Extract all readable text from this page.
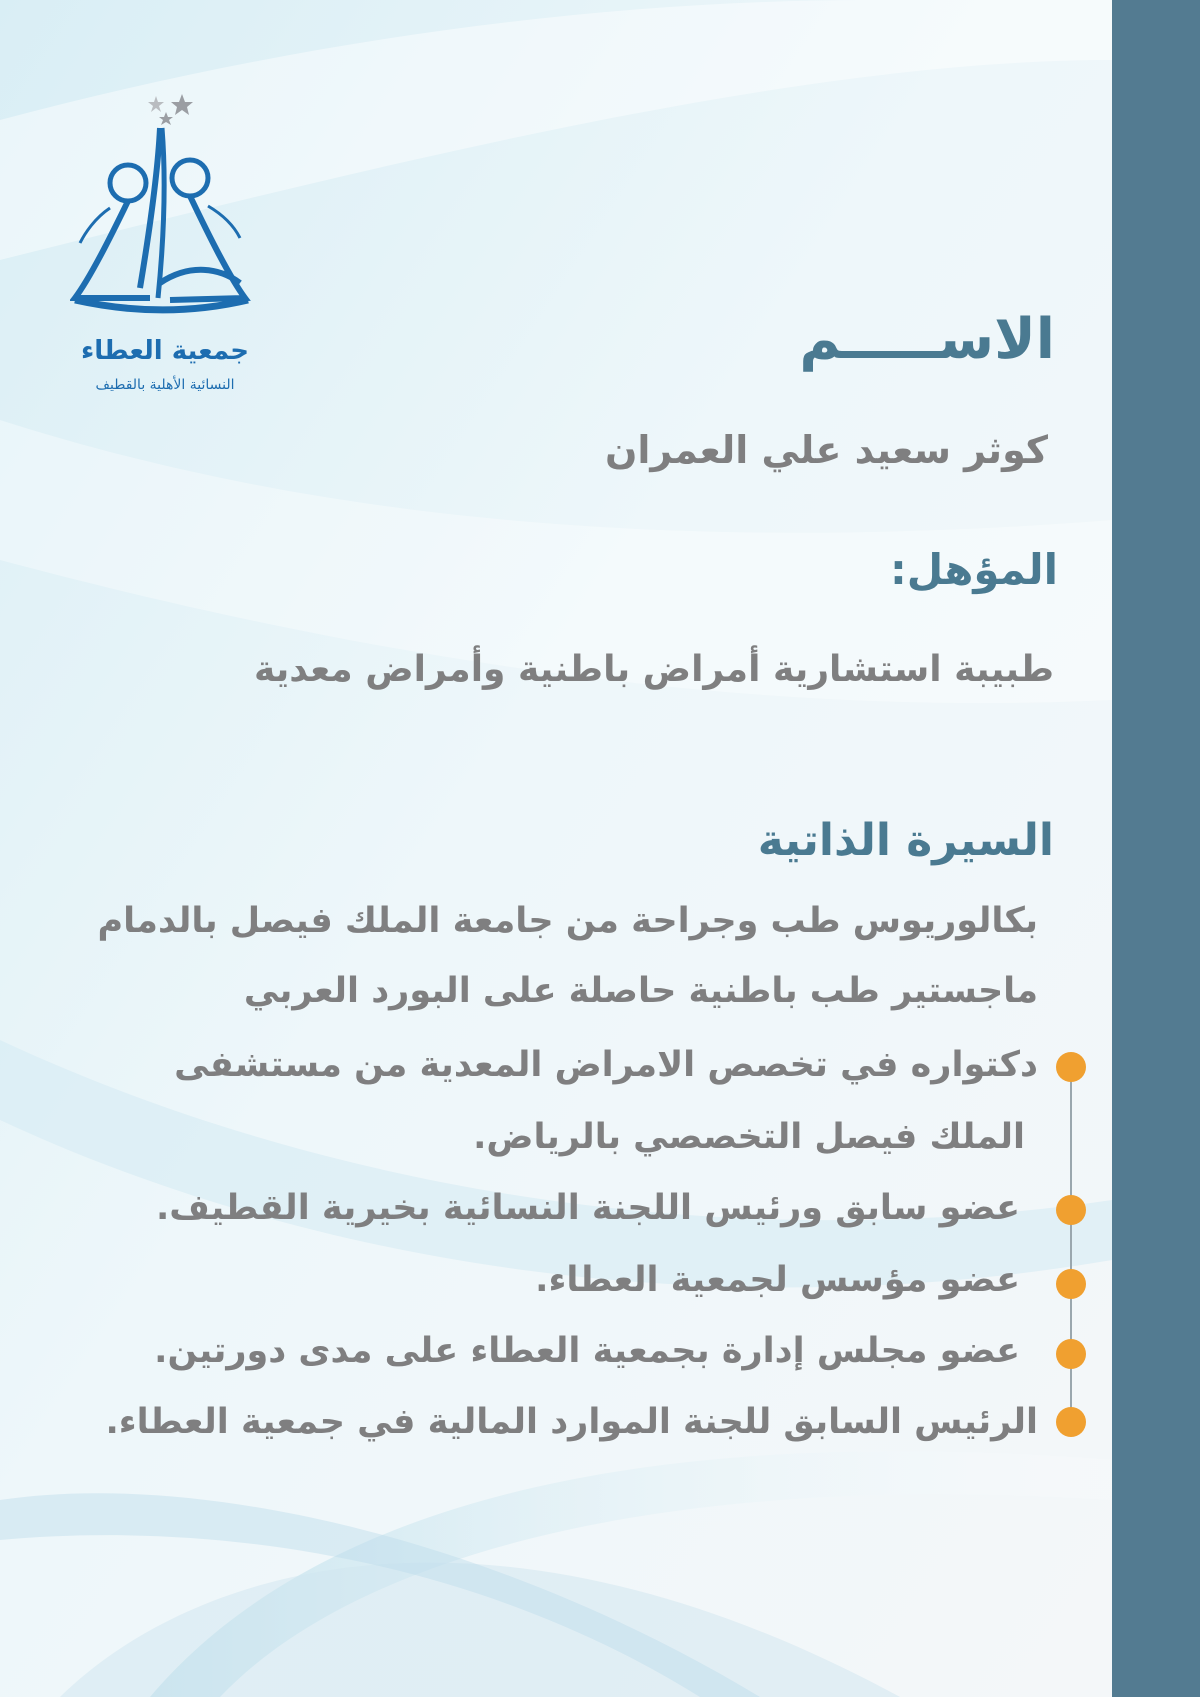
جمعية العطاء
النسائية الأهلية بالقطيف
الاســـــم
كوثر سعيد علي العمران
المؤهل:
طبيبة استشارية أمراض باطنية وأمراض معدية
السيرة الذاتية
بكالوريوس طب وجراحة من جامعة الملك فيصل بالدمام
ماجستير طب باطنية حاصلة على البورد العربي
دكتواره في تخصص الامراض المعدية من مستشفى
الملك فيصل التخصصي بالرياض.
عضو سابق ورئيس اللجنة النسائية بخيرية القطيف.
عضو مؤسس لجمعية العطاء.
عضو مجلس إدارة بجمعية العطاء على مدى دورتين.
الرئيس السابق للجنة الموارد المالية في جمعية العطاء.
